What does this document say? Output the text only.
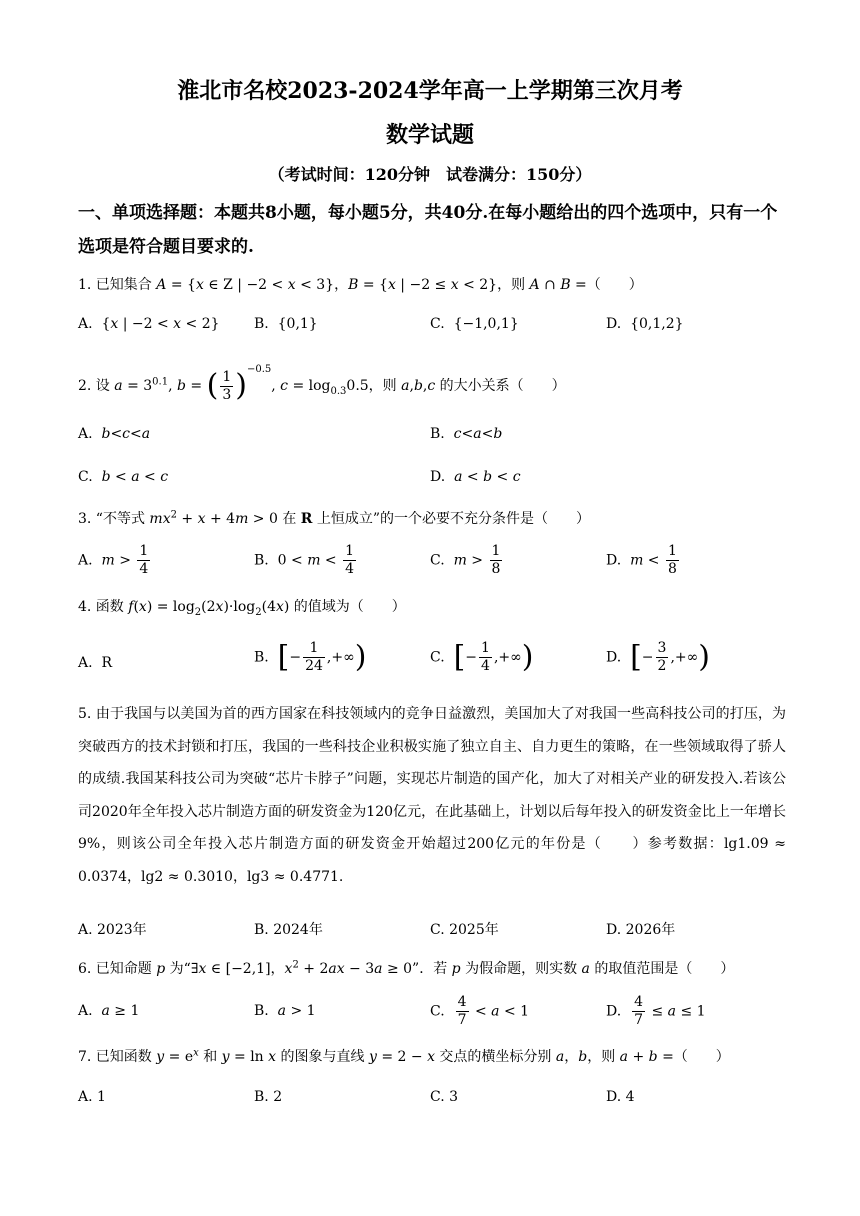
淮北市名校2023-2024学年高一上学期第三次月考
数学试题
（考试时间：120分钟　试卷满分：150分）
一、单项选择题：本题共8小题，每小题5分，共40分.在每小题给出的四个选项中，只有一个选项是符合题目要求的.
1. 已知集合 A = {x ∈ Z | −2 < x < 3}，B = {x | −2 ≤ x < 2}，则 A ∩ B =（　　）
A.  {x | −2 < x < 2} B.  {0,1}	C.  {−1,0,1}	D.  {0,1,2}
2. 设 $a = 3^{0.1}$, b = ( $\frac{1}{3} )^{-0.5}$, $c = \log_{0.3}0.5$，则 a,b,c 的大小关系（　　）
A.  b<c<a	B.  c<a<b
C.  b < a < c	D.  a < b < c
3. “不等式 $mx^2 + x + 4m > 0$ 在 R 上恒成立”的一个必要不充分条件是（　　）
A.  $m > \frac{1}{4}$	B.  $0 < m < \frac{1}{4}$	C.  $m > \frac{1}{8}$	D.  $m < \frac{1}{8}$
4. 函数 $f(x) = \log_2(2x)\cdot\log_2(4x)$ 的值域为（　　）
A.  R	B.  [− $\frac{1}{24}$ ,+∞)	C.  [− $\frac{1}{4}$ ,+∞)	D.  [− $\frac{3}{2}$ ,+∞)
5. 由于我国与以美国为首的西方国家在科技领域内的竞争日益激烈，美国加大了对我国一些高科技公司的打压，为突破西方的技术封锁和打压，我国的一些科技企业积极实施了独立自主、自力更生的策略，在一些领域取得了骄人的成绩.我国某科技公司为突破“芯片卡脖子”问题，实现芯片制造的国产化，加大了对相关产业的研发投入.若该公司2020年全年投入芯片制造方面的研发资金为120亿元，在此基础上，计划以后每年投入的研发资金比上一年增长9%，则该公司全年投入芯片制造方面的研发资金开始超过200亿元的年份是（　　）参考数据：lg1.09 ≈ 0.0374，lg2 ≈ 0.3010，lg3 ≈ 0.4771.
A. 2023年	B. 2024年	C. 2025年	D. 2026年
6. 已知命题 p 为“∃x ∈ [−2,1]，$x^2 + 2ax - 3a \ge 0$”．若 p 为假命题，则实数 a 的取值范围是（　　）
A.  a ≥ 1	B.  a > 1	C. $\frac{4}{7} < a < 1$	D. $\frac{4}{7} \le a \le 1$
7. 已知函数 $y = e^x$ 和 y = ln x 的图象与直线 y = 2 − x 交点的横坐标分别 a，b，则 a + b =（　　）
A. 1	B. 2	C. 3	D. 4
